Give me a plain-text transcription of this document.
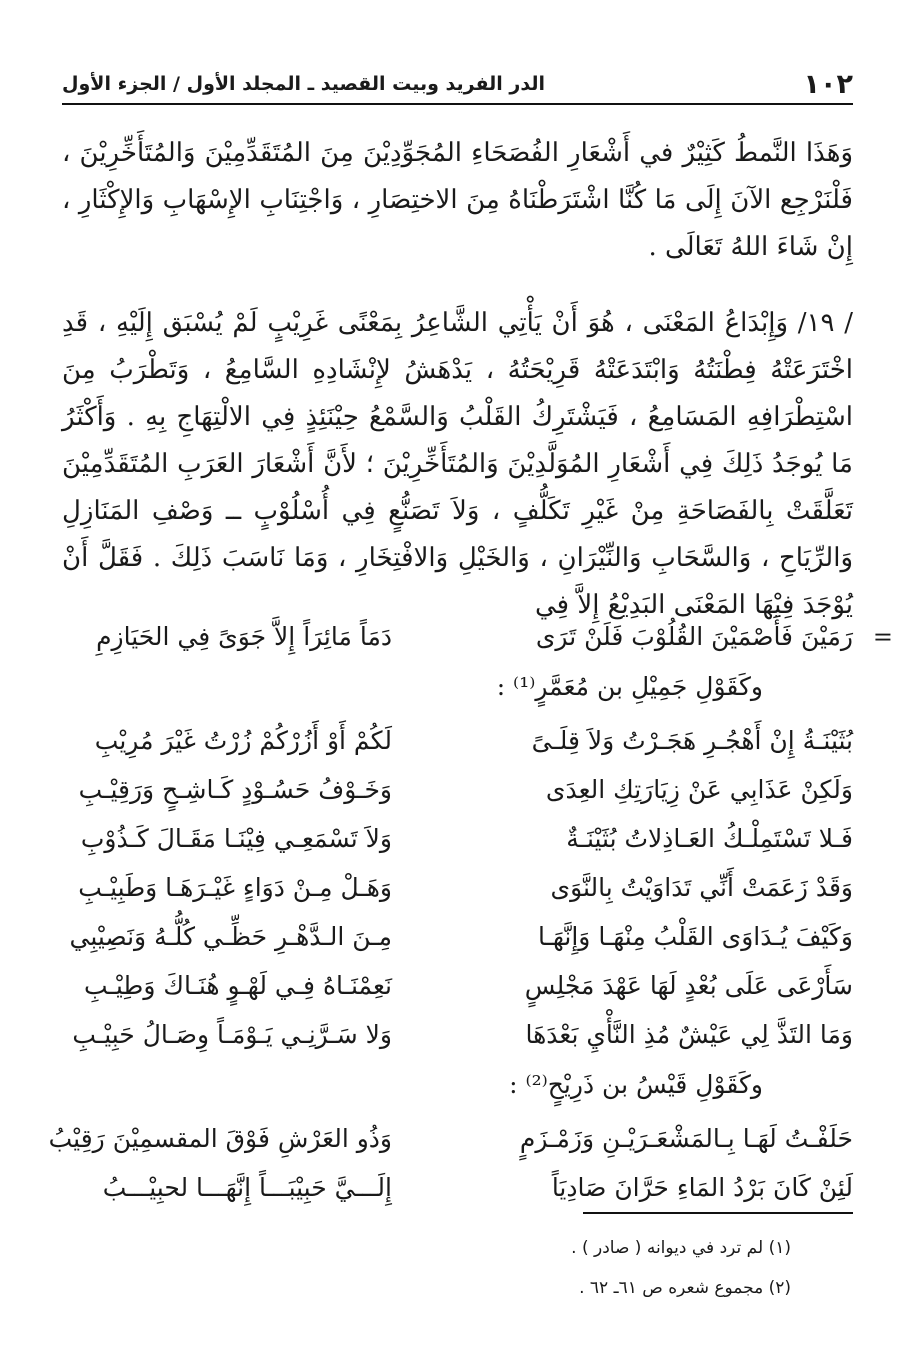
١٠٢
الدر الفريد وبيت القصيد ـ المجلد الأول / الجزء الأول
وَهَذَا النَّمطُ كَثِيْرٌ في أَشْعَارِ الفُصَحَاءِ المُجَوِّدِيْنَ مِنَ المُتَقَدِّمِيْنَ وَالمُتَأَخِّرِيْنَ ، فَلْنَرْجِع الآنَ إِلَى مَا كُنَّا اشْتَرَطْنَاهُ مِنَ الاختِصَارِ ، وَاجْتِنَابِ الإِسْهَابِ وَالإِكْثَارِ ، إِنْ شَاءَ اللهُ تَعَالَى .
/ ١٩/ وَإِبْدَاعُ المَعْنَى ، هُوَ أَنْ يَأْتِي الشَّاعِرُ بِمَعْنًى غَرِيْبٍ لَمْ يُسْبَق إِلَيْهِ ، قَدِ اخْتَرَعَتْهُ فِطْنَتُهُ وَابْتَدَعَتْهُ قَرِيْحَتُهُ ، يَدْهَشُ لإِنْشَادِهِ السَّامِعُ ، وَتَطْرَبُ مِنَ اسْتِطْرَافِهِ المَسَامِعُ ، فَيَشْتَرِكُ القَلْبُ وَالسَّمْعُ حِيْنَئِذٍ فِي الالْتِهَاجِ بِهِ . وَأَكْثَرُ مَا يُوجَدُ ذَلِكَ فِي أَشْعَارِ المُوَلَّدِيْنَ وَالمُتَأَخِّرِيْنَ ؛ لأَنَّ أَشْعَارَ العَرَبِ المُتَقَدِّمِيْنَ تَعَلَّقَتْ بِالفَصَاحَةِ مِنْ غَيْرِ تَكَلُّفٍ ، وَلاَ تَصَنُّعٍ فِي أُسْلُوْبٍ ــ وَصْفِ المَنَازِلِ وَالرِّيَاحِ ، وَالسَّحَابِ وَالنِّيْرَانِ ، وَالخَيْلِ وَالافْتِخَارِ ، وَمَا نَاسَبَ ذَلِكَ . فَقَلَّ أَنْ يُوْجَدَ فِيْهَا المَعْنَى البَدِيْعُ إِلاَّ فِي
=
رَمَيْنَ فَأَصْمَيْنَ القُلُوْبَ فَلَنْ تَرَى
دَمَاً مَائِرَاً إِلاَّ جَوَىً فِي الحَيَازِمِ
وكَقَوْلِ جَمِيْلِ بن مُعَمَّرٍ⁽¹⁾ :
بُثَيْنَـةُ إِنْ أَهْجُـرِ هَجَـرْتُ وَلاَ قِلَـىً
لَكُمْ أَوْ أَزُرْكُمْ زُرْتُ غَيْرَ مُرِيْبِ
وَلَكِنْ عَذَابِي عَنْ زِيَارَتِكِ العِدَى
وَخَـوْفُ حَسُـوْدٍ كَـاشِـحٍ وَرَقِيْـبِ
فَـلا تَسْتَمِلْـكُ العَـاذِلاتُ بُثَيْنَـةٌ
وَلاَ تَسْمَعِـي فِيْنَـا مَقَـالَ كَـذُوْبِ
وَقَدْ زَعَمَتْ أَنِّي تَدَاوَيْتُ بِالنَّوَى
وَهَـلْ مِـنْ دَوَاءٍ غَيْـرَهَـا وَطَبِيْـبِ
وَكَيْفَ يُـدَاوَى القَلْبُ مِنْهَـا وَإِنَّهَـا
مِـنَ الـدَّهْـرِ حَظِّـي كُلُّـهُ وَنَصِيْبِي
سَأَرْعَى عَلَى بُعْدٍ لَهَا عَهْدَ مَجْلِسٍ
نَعِمْنَـاهُ فِـي لَهْـوٍ هُنَـاكَ وَطِيْـبِ
وَمَا التَذَّ لِي عَيْشٌ مُذِ النَّأْيِ بَعْدَهَا
وَلا سَـرَّنِـي يَـوْمَـاً وِصَـالُ حَبِيْـبِ
وكَقَوْلِ قَيْسُ بن ذَرِيْحٍ⁽²⁾ :
حَلَفْـتُ لَهَـا بِـالمَشْعَـرَيْـنِ وَزَمْـزَمٍ
وَذُو العَرْشِ فَوْقَ المقسمِيْنَ رَقِيْبُ
لَئِنْ كَانَ بَرْدُ المَاءِ حَرَّانَ صَادِيَاً
إِلَـــيَّ حَبِيْبَـــاً إِنَّهَـــا لحبِيْـــبُ
(١) لم ترد في ديوانه ( صادر ) .
(٢) مجموع شعره ص ٦١ـ ٦٢ .
